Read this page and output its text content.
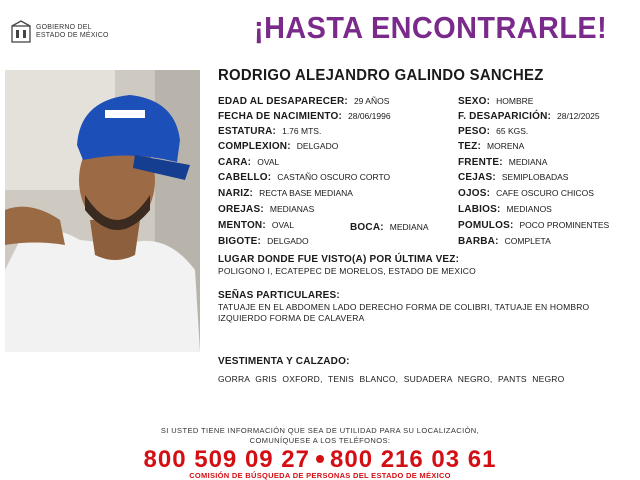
GOBIERNO DEL
ESTADO DE MÉXICO	¡HASTA ENCONTRARLE!
RODRIGO ALEJANDRO GALINDO SANCHEZ
EDAD AL DESAPARECER: 29 AÑOS
FECHA DE NACIMIENTO: 28/06/1996
ESTATURA: 1.76 MTS.
COMPLEXION: DELGADO
CARA: OVAL
CABELLO: CASTAÑO OSCURO CORTO
NARIZ: RECTA BASE MEDIANA
OREJAS: MEDIANAS
MENTON: OVAL	BOCA: MEDIANA
BIGOTE: DELGADO
SEXO: HOMBRE
F. DESAPARICIÓN: 28/12/2025
PESO: 65 KGS.
TEZ: MORENA
FRENTE: MEDIANA
CEJAS: SEMIPLOBADAS
OJOS: CAFE OSCURO CHICOS
LABIOS: MEDIANOS
POMULOS: POCO PROMINENTES
BARBA: COMPLETA
LUGAR DONDE FUE VISTO(A) POR ÚLTIMA VEZ:
POLIGONO I, ECATEPEC DE MORELOS, ESTADO DE MEXICO
SEÑAS PARTICULARES:
TATUAJE EN EL ABDOMEN LADO DERECHO FORMA DE COLIBRI, TATUAJE EN HOMBRO IZQUIERDO FORMA DE CALAVERA
VESTIMENTA Y CALZADO:
GORRA GRIS OXFORD, TENIS BLANCO, SUDADERA NEGRO, PANTS NEGRO
SI USTED TIENE INFORMACIÓN QUE SEA DE UTILIDAD PARA SU LOCALIZACIÓN,
COMUNÍQUESE A LOS TELÉFONOS:
800 509 09 27 800 216 03 61
COMISIÓN DE BÚSQUEDA DE PERSONAS DEL ESTADO DE MÉXICO
